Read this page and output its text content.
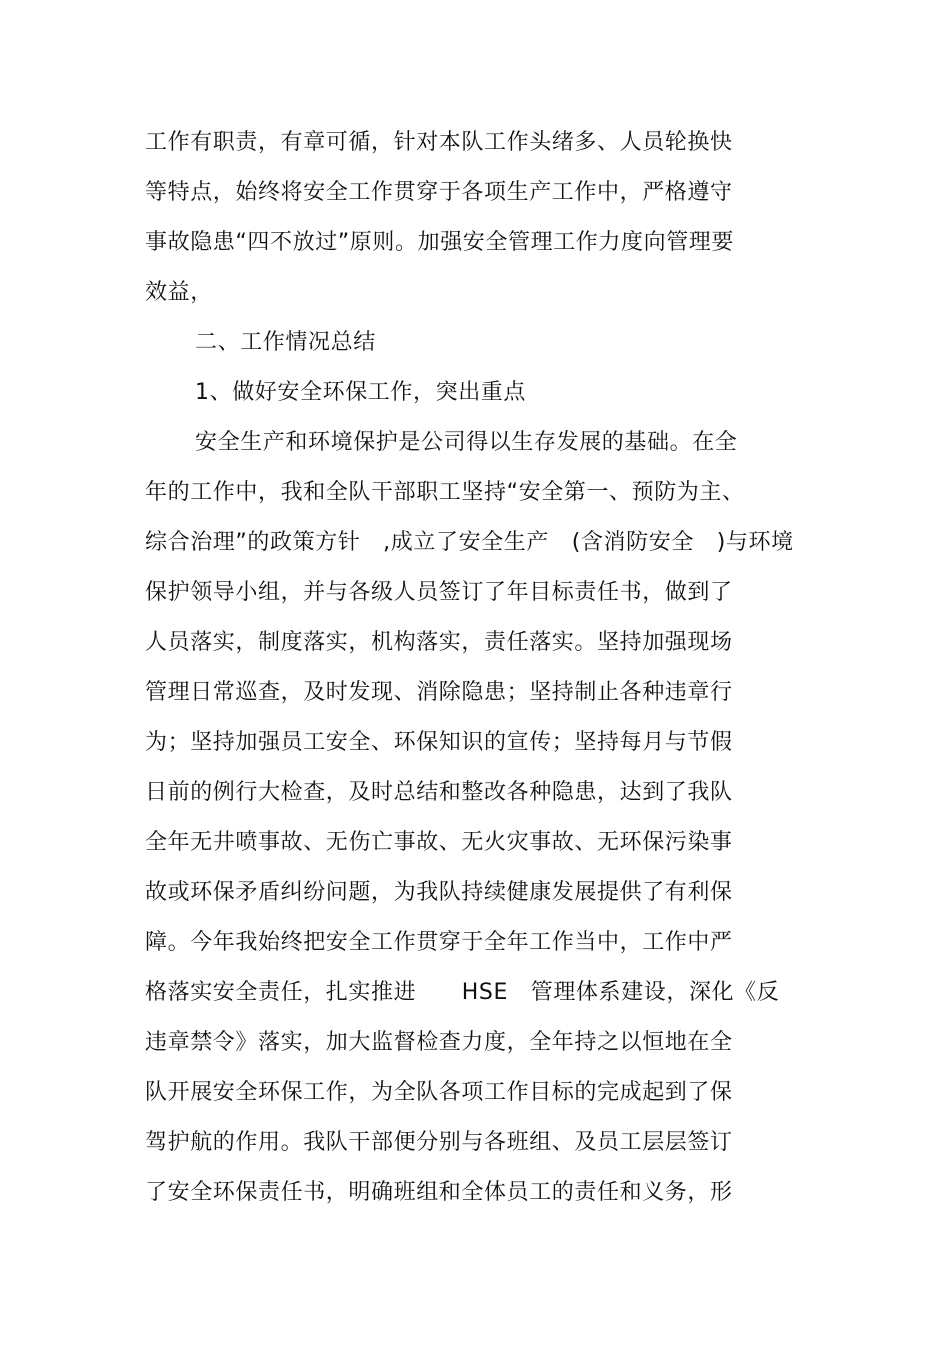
工作有职责，有章可循，针对本队工作头绪多、人员轮换快
等特点，始终将安全工作贯穿于各项生产工作中，严格遵守
事故隐患“四不放过”原则。加强安全管理工作力度向管理要
效益，
二、工作情况总结
1、做好安全环保工作，突出重点
安全生产和环境保护是公司得以生存发展的基础。在全
年的工作中，我和全队干部职工坚持“安全第一、预防为主、
综合治理”的政策方针   ,成立了安全生产   (含消防安全   )与环境
保护领导小组，并与各级人员签订了年目标责任书，做到了
人员落实，制度落实，机构落实，责任落实。坚持加强现场
管理日常巡查，及时发现、消除隐患；坚持制止各种违章行
为；坚持加强员工安全、环保知识的宣传；坚持每月与节假
日前的例行大检查，及时总结和整改各种隐患，达到了我队
全年无井喷事故、无伤亡事故、无火灾事故、无环保污染事
故或环保矛盾纠纷问题，为我队持续健康发展提供了有利保
障。今年我始终把安全工作贯穿于全年工作当中，工作中严
格落实安全责任，扎实推进      HSE   管理体系建设，深化《反
违章禁令》落实，加大监督检查力度，全年持之以恒地在全
队开展安全环保工作，为全队各项工作目标的完成起到了保
驾护航的作用。我队干部便分别与各班组、及员工层层签订
了安全环保责任书，明确班组和全体员工的责任和义务，形
